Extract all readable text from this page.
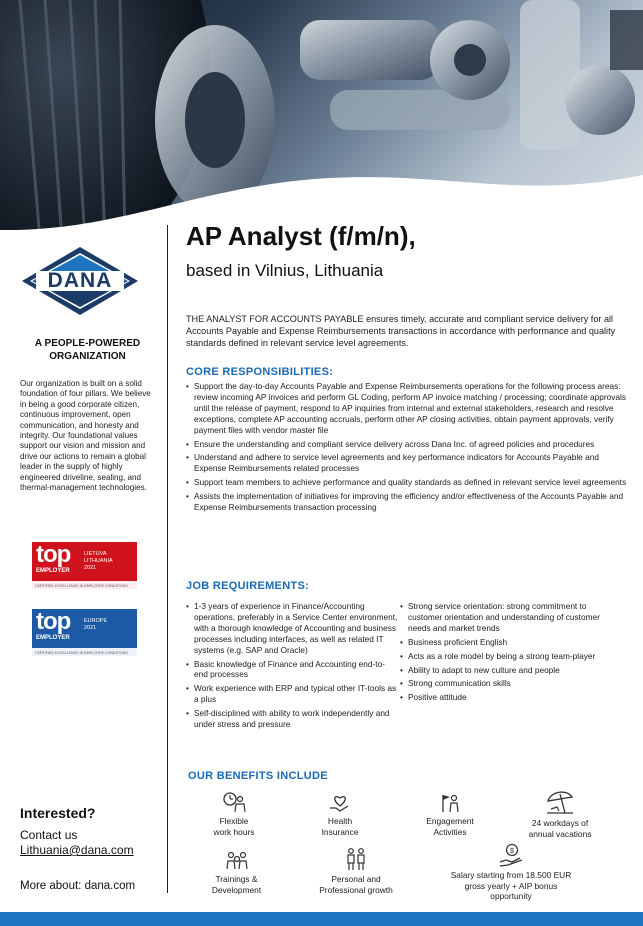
DANA
A PEOPLE-POWERED ORGANIZATION
Our organization is built on a solid foundation of four pillars. We believe in being a good corporate citizen, continuous improvement, open communication, and honesty and integrity. Our foundational values support our vision and mission and drive our actions to remain a global leader in the supply of highly engineered driveline, sealing, and thermal-management technologies.
top
EMPLOYER
LIETUVA
LITHUANIA
2021
CERTIFIED EXCELLENCE IN EMPLOYEE CONDITIONS
top
EMPLOYER
EUROPE
2021
CERTIFIED EXCELLENCE IN EMPLOYEE CONDITIONS
Interested?
Contact us
Lithuania@dana.com
More about: dana.com
AP Analyst (f/m/n),
based in Vilnius, Lithuania
THE ANALYST FOR ACCOUNTS PAYABLE ensures timely, accurate and compliant service delivery for all Accounts Payable and Expense Reimbursements transactions in accordance with performance and quality standards defined in relevant service level agreements.
CORE RESPONSIBILITIES:
• Support the day-to-day Accounts Payable and Expense Reimbursements operations for the following process areas: review incoming AP invoices and perform GL Coding, perform AP invoice matching / processing; coordinate approvals until the release of payment, respond to AP inquiries from internal and external stakeholders, research and resolve exceptions, complete AP accounting accruals, perform other AP closing activities, obtain payment approvals, verify payment files with vendor master file
• Ensure the understanding and compliant service delivery across Dana Inc. of agreed policies and procedures
• Understand and adhere to service level agreements and key performance indicators for Accounts Payable and Expense Reimbursements related processes
• Support team members to achieve performance and quality standards as defined in relevant service level agreements
• Assists the implementation of initiatives for improving the efficiency and/or effectiveness of the Accounts Payable and Expense Reimbursements transaction processing
JOB REQUIREMENTS:
• 1-3 years of experience in Finance/Accounting operations, preferably in a Service Center environment, with a thorough knowledge of Accounting and business processes including interfaces, as well as related IT systems (e.g. SAP and Oracle)
• Basic knowledge of Finance and Accounting end-to-end processes
• Work experience with ERP and typical other IT-tools as a plus
• Self-disciplined with ability to work independently and under stress and pressure
• Strong service orientation: strong commitment to customer orientation and understanding of customer needs and market trends
• Business proficient English
• Acts as a role model by being a strong team-player
• Ability to adapt to new culture and people
• Strong communication skills
• Positive attitude
OUR BENEFITS INCLUDE
Flexible
work hours
Health
Insurance
Engagement
Activities
24 workdays of
annual vacations
Trainings &
Development
Personal and
Professional growth
$
Salary starting from 18.500 EUR
gross yearly + AIP bonus
opportunity
